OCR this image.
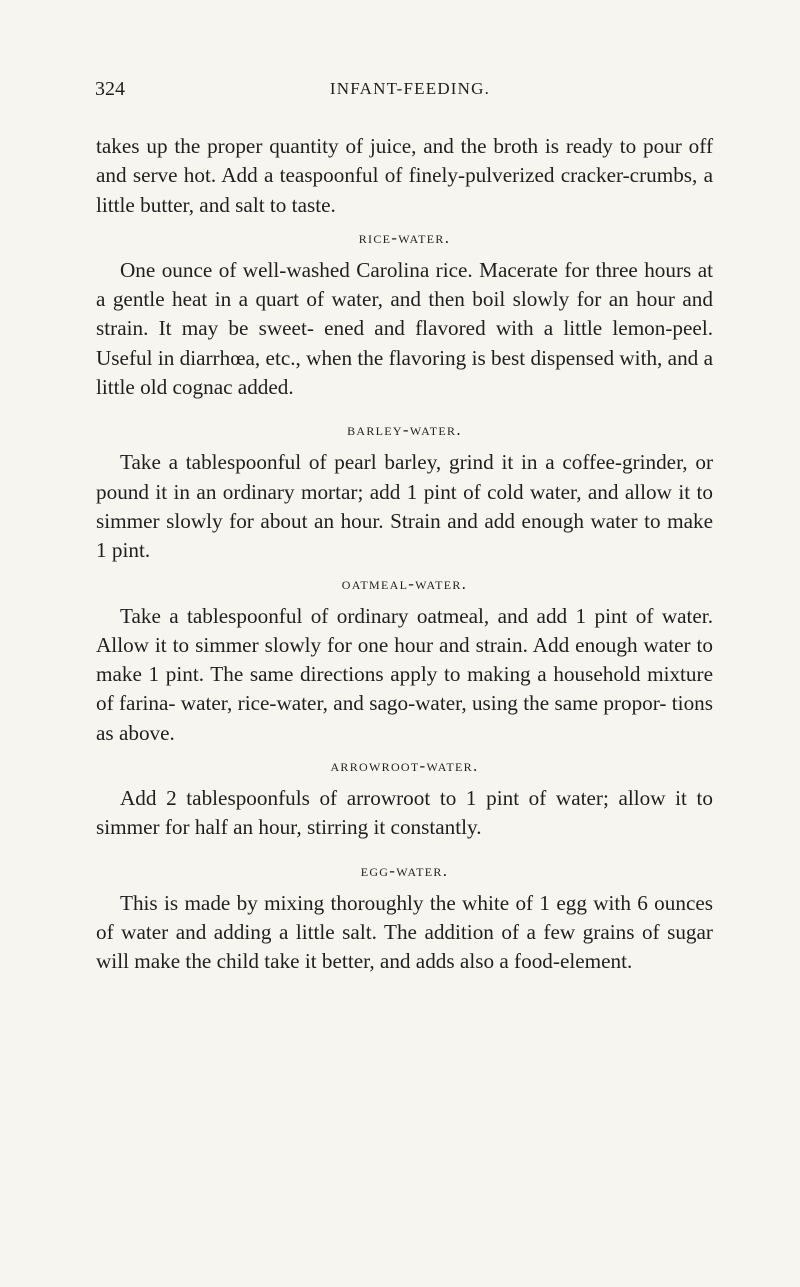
324	INFANT-FEEDING.

takes up the proper quantity of juice, and the broth is ready to pour off and serve hot. Add a teaspoonful of finely-pulverized cracker-crumbs, a little butter, and salt to taste.

rice-water.

One ounce of well-washed Carolina rice. Macerate for three hours at a gentle heat in a quart of water, and then boil slowly for an hour and strain. It may be sweet- ened and flavored with a little lemon-peel. Useful in diarrhœa, etc., when the flavoring is best dispensed with, and a little old cognac added.

barley-water.

Take a tablespoonful of pearl barley, grind it in a coffee-grinder, or pound it in an ordinary mortar; add 1 pint of cold water, and allow it to simmer slowly for about an hour. Strain and add enough water to make 1 pint.

oatmeal-water.

Take a tablespoonful of ordinary oatmeal, and add 1 pint of water. Allow it to simmer slowly for one hour and strain. Add enough water to make 1 pint. The same directions apply to making a household mixture of farina- water, rice-water, and sago-water, using the same propor- tions as above.

arrowroot-water.

Add 2 tablespoonfuls of arrowroot to 1 pint of water; allow it to simmer for half an hour, stirring it constantly.

egg-water.

This is made by mixing thoroughly the white of 1 egg with 6 ounces of water and adding a little salt. The addition of a few grains of sugar will make the child take it better, and adds also a food-element.
